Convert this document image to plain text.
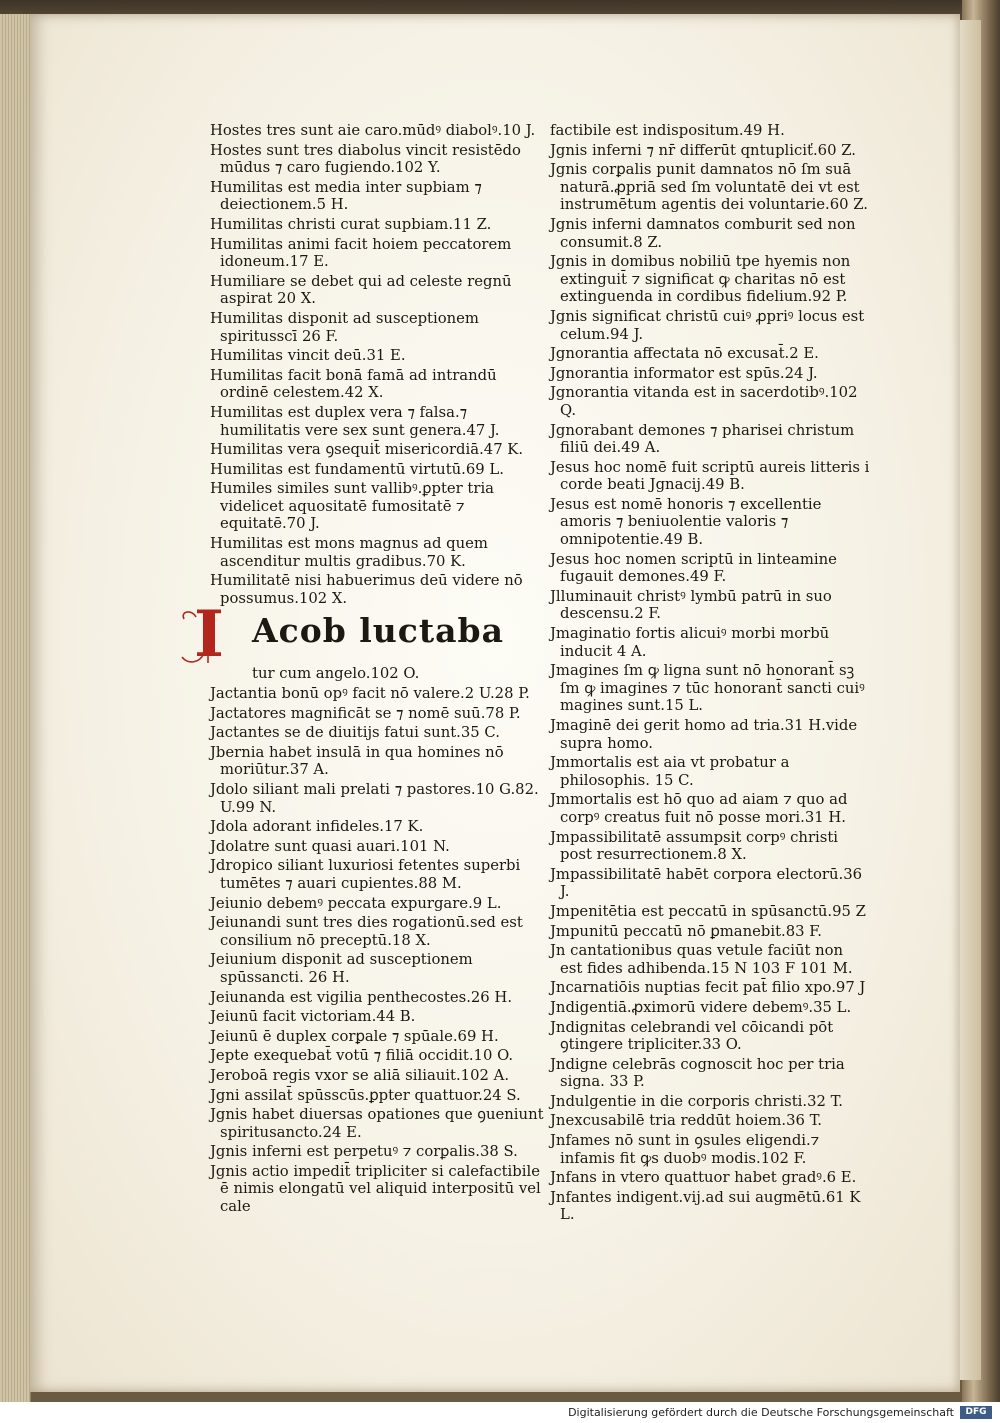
Hostes tres sunt aie caro.mūdꝰ diabolꝰ.10 J.

Hostes sunt tres diabolus vincit resistēdo mūdus ⁊ caro fugiendo.102 Y.

Humilitas est media inter supbiam ⁊ deiectionem.5 H.

Humilitas christi curat supbiam.11 Z.

Humilitas animi facit hoiem peccatorem idoneum.17 E.

Humiliare se debet qui ad celeste regnū aspirat 20 X.

Humilitas disponit ad susceptionem spiritusscī 26 F.

Humilitas vincit deū.31 E.

Humilitas facit bonā famā ad intrandū ordinē celestem.42 X.

Humilitas est duplex vera ⁊ falsa.⁊ humilitatis vere sex sunt genera.47 J.

Humilitas vera ꝯsequit̄ misericordiā.47 K.

Humilitas est fundamentū virtutū.69 L.

Humiles similes sunt vallibꝰ.ꝑpter tria videlicet aquositatē fumositatē ⁊ equitatē.70 J.

Humilitas est mons magnus ad quem ascenditur multis gradibus.70 K.

Humilitatē nisi habuerimus deū videre nō possumus.102 X.

I Acob luctaba

tur cum angelo.102 O.

Jactantia bonū opꝰ facit nō valere.2 U.28 P.

Jactatores magnificāt se ⁊ nomē suū.78 P.

Jactantes se de diuitijs fatui sunt.35 C.

Jbernia habet insulā in qua homines nō moriūtur.37 A.

Jdolo siliant mali prelati ⁊ pastores.10 G.82. U.99 N.

Jdola adorant infideles.17 K.

Jdolatre sunt quasi auari.101 N.

Jdropico siliant luxuriosi fetentes superbi tumētes ⁊ auari cupientes.88 M.

Jeiunio debemꝰ peccata expurgare.9 L.

Jeiunandi sunt tres dies rogationū.sed est consilium nō preceptū.18 X.

Jeiunium disponit ad susceptionem spūssancti. 26 H.

Jeiunanda est vigilia penthecostes.26 H.

Jeiunū facit victoriam.44 B.

Jeiunū ē duplex corꝑale ⁊ spūale.69 H.

Jepte exequebat̄ votū ⁊ filiā occidit.10 O.

Jeroboā regis vxor se aliā siliauit.102 A.

Jgni assilat̄ spūsscūs.ꝑpter quattuor.24 S.

Jgnis habet diuersas opationes que ꝯueniunt spiritusancto.24 E.

Jgnis inferni est perpetuꝰ ⁊ corꝑalis.38 S.

Jgnis actio impedit̄ tripliciter si calefactibile ē nimis elongatū vel aliquid interpositū vel cale

factibile est indispositum.49 H.

Jgnis inferni ⁊ nr̄ differūt qntupliciť.60 Z.

Jgnis corꝑalis punit damnatos nō ſm suā naturā.ꝓpriā sed ſm voluntatē dei vt est instrumētum agentis dei voluntarie.60 Z.

Jgnis inferni damnatos comburit sed non consumit.8 Z.

Jgnis in domibus nobiliū tpe hyemis non extinguit̄ ⁊ significat ꝙ charitas nō est extinguenda in cordibus fidelium.92 P.

Jgnis significat christū cuiꝰ ꝓpriꝰ locus est celum.94 J.

Jgnorantia affectata nō excusat̄.2 E.

Jgnorantia informator est spūs.24 J.

Jgnorantia vitanda est in sacerdotibꝰ.102 Q.

Jgnorabant demones ⁊ pharisei christum filiū dei.49 A.

Jesus hoc nomē fuit scriptū aureis litteris i corde beati Jgnacij.49 B.

Jesus est nomē honoris ⁊ excellentie amoris ⁊ beniuolentie valoris ⁊ omnipotentie.49 B.

Jesus hoc nomen scriptū in linteamine fugauit demones.49 F.

Jlluminauit christꝰ lymbū patrū in suo descensu.2 F.

Jmaginatio fortis alicuiꝰ morbi morbū inducit 4 A.

Jmagines ſm ꝙ ligna sunt nō honorant̄ sꝫ ſm ꝙ imagines ⁊ tūc honorant̄ sancti cuiꝰ magines sunt.15 L.

Jmaginē dei gerit homo ad tria.31 H.vide supra homo.

Jmmortalis est aia vt probatur a philosophis. 15 C.

Jmmortalis est hō quo ad aiam ⁊ quo ad corpꝰ creatus fuit nō posse mori.31 H.

Jmpassibilitatē assumpsit corpꝰ christi post resurrectionem.8 X.

Jmpassibilitatē habēt corpora electorū.36 J.

Jmpenitētia est peccatū in spūsanctū.95 Z

Jmpunitū peccatū nō ꝑmanebit.83 F.

Jn cantationibus quas vetule faciūt non est fides adhibenda.15 N 103 F 101 M.

Jncarnatiōis nuptias fecit pat̄ filio xpo.97 J

Jndigentiā.ꝓximorū videre debemꝰ.35 L.

Jndignitas celebrandi vel cōicandi pōt ꝯtingere tripliciter.33 O.

Jndigne celebrās cognoscit hoc per tria signa. 33 P.

Jndulgentie in die corporis christi.32 T.

Jnexcusabilē tria reddūt hoiem.36 T.

Jnfames nō sunt in ꝯsules eligendi.⁊ infamis fit ꝙs duobꝰ modis.102 F.

Jnfans in vtero quattuor habet gradꝰ.6 E.

Jnfantes indigent.vij.ad sui augmētū.61 K L.

Digitalisierung gefördert durch die Deutsche Forschungsgemeinschaft	DFG
